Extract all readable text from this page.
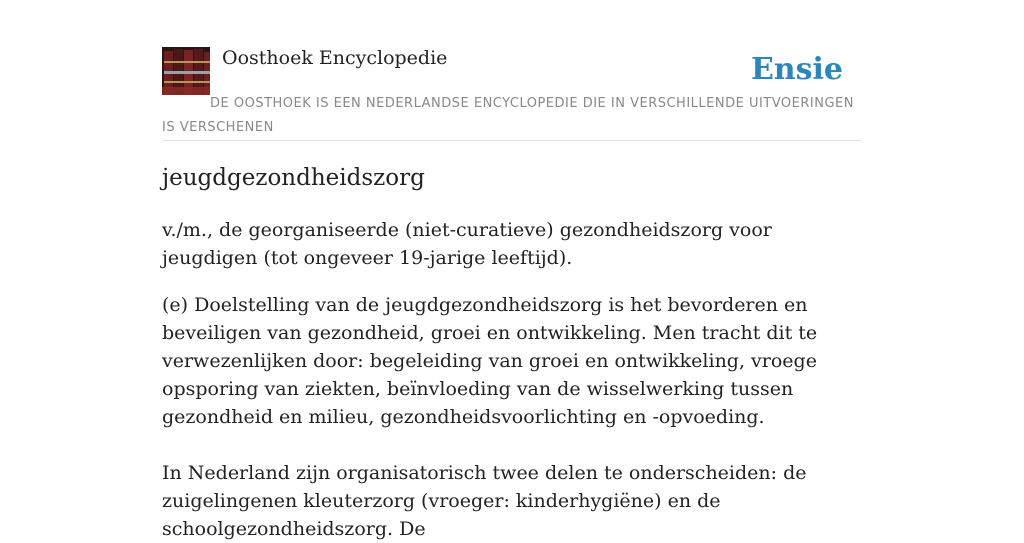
Oosthoek Encyclopedie	Ensie
DE OOSTHOEK IS EEN NEDERLANDSE ENCYCLOPEDIE DIE IN VERSCHILLENDE UITVOERINGEN IS VERSCHENEN
jeugdgezondheidszorg

v./m., de georganiseerde (niet-curatieve) gezondheidszorg voor jeugdigen (tot ongeveer 19-jarige leeftijd).

(e) Doelstelling van de jeugdgezondheidszorg is het bevorderen en beveiligen van gezondheid, groei en ontwikkeling. Men tracht dit te verwezenlijken door: begeleiding van groei en ontwikkeling, vroege opsporing van ziekten, beïnvloeding van de wisselwerking tussen gezondheid en milieu, gezondheidsvoorlichting en -opvoeding.

In Nederland zijn organisatorisch twee delen te onderscheiden: de zuigelingenen kleuterzorg (vroeger: kinderhygiëne) en de schoolgezondheidszorg. De
